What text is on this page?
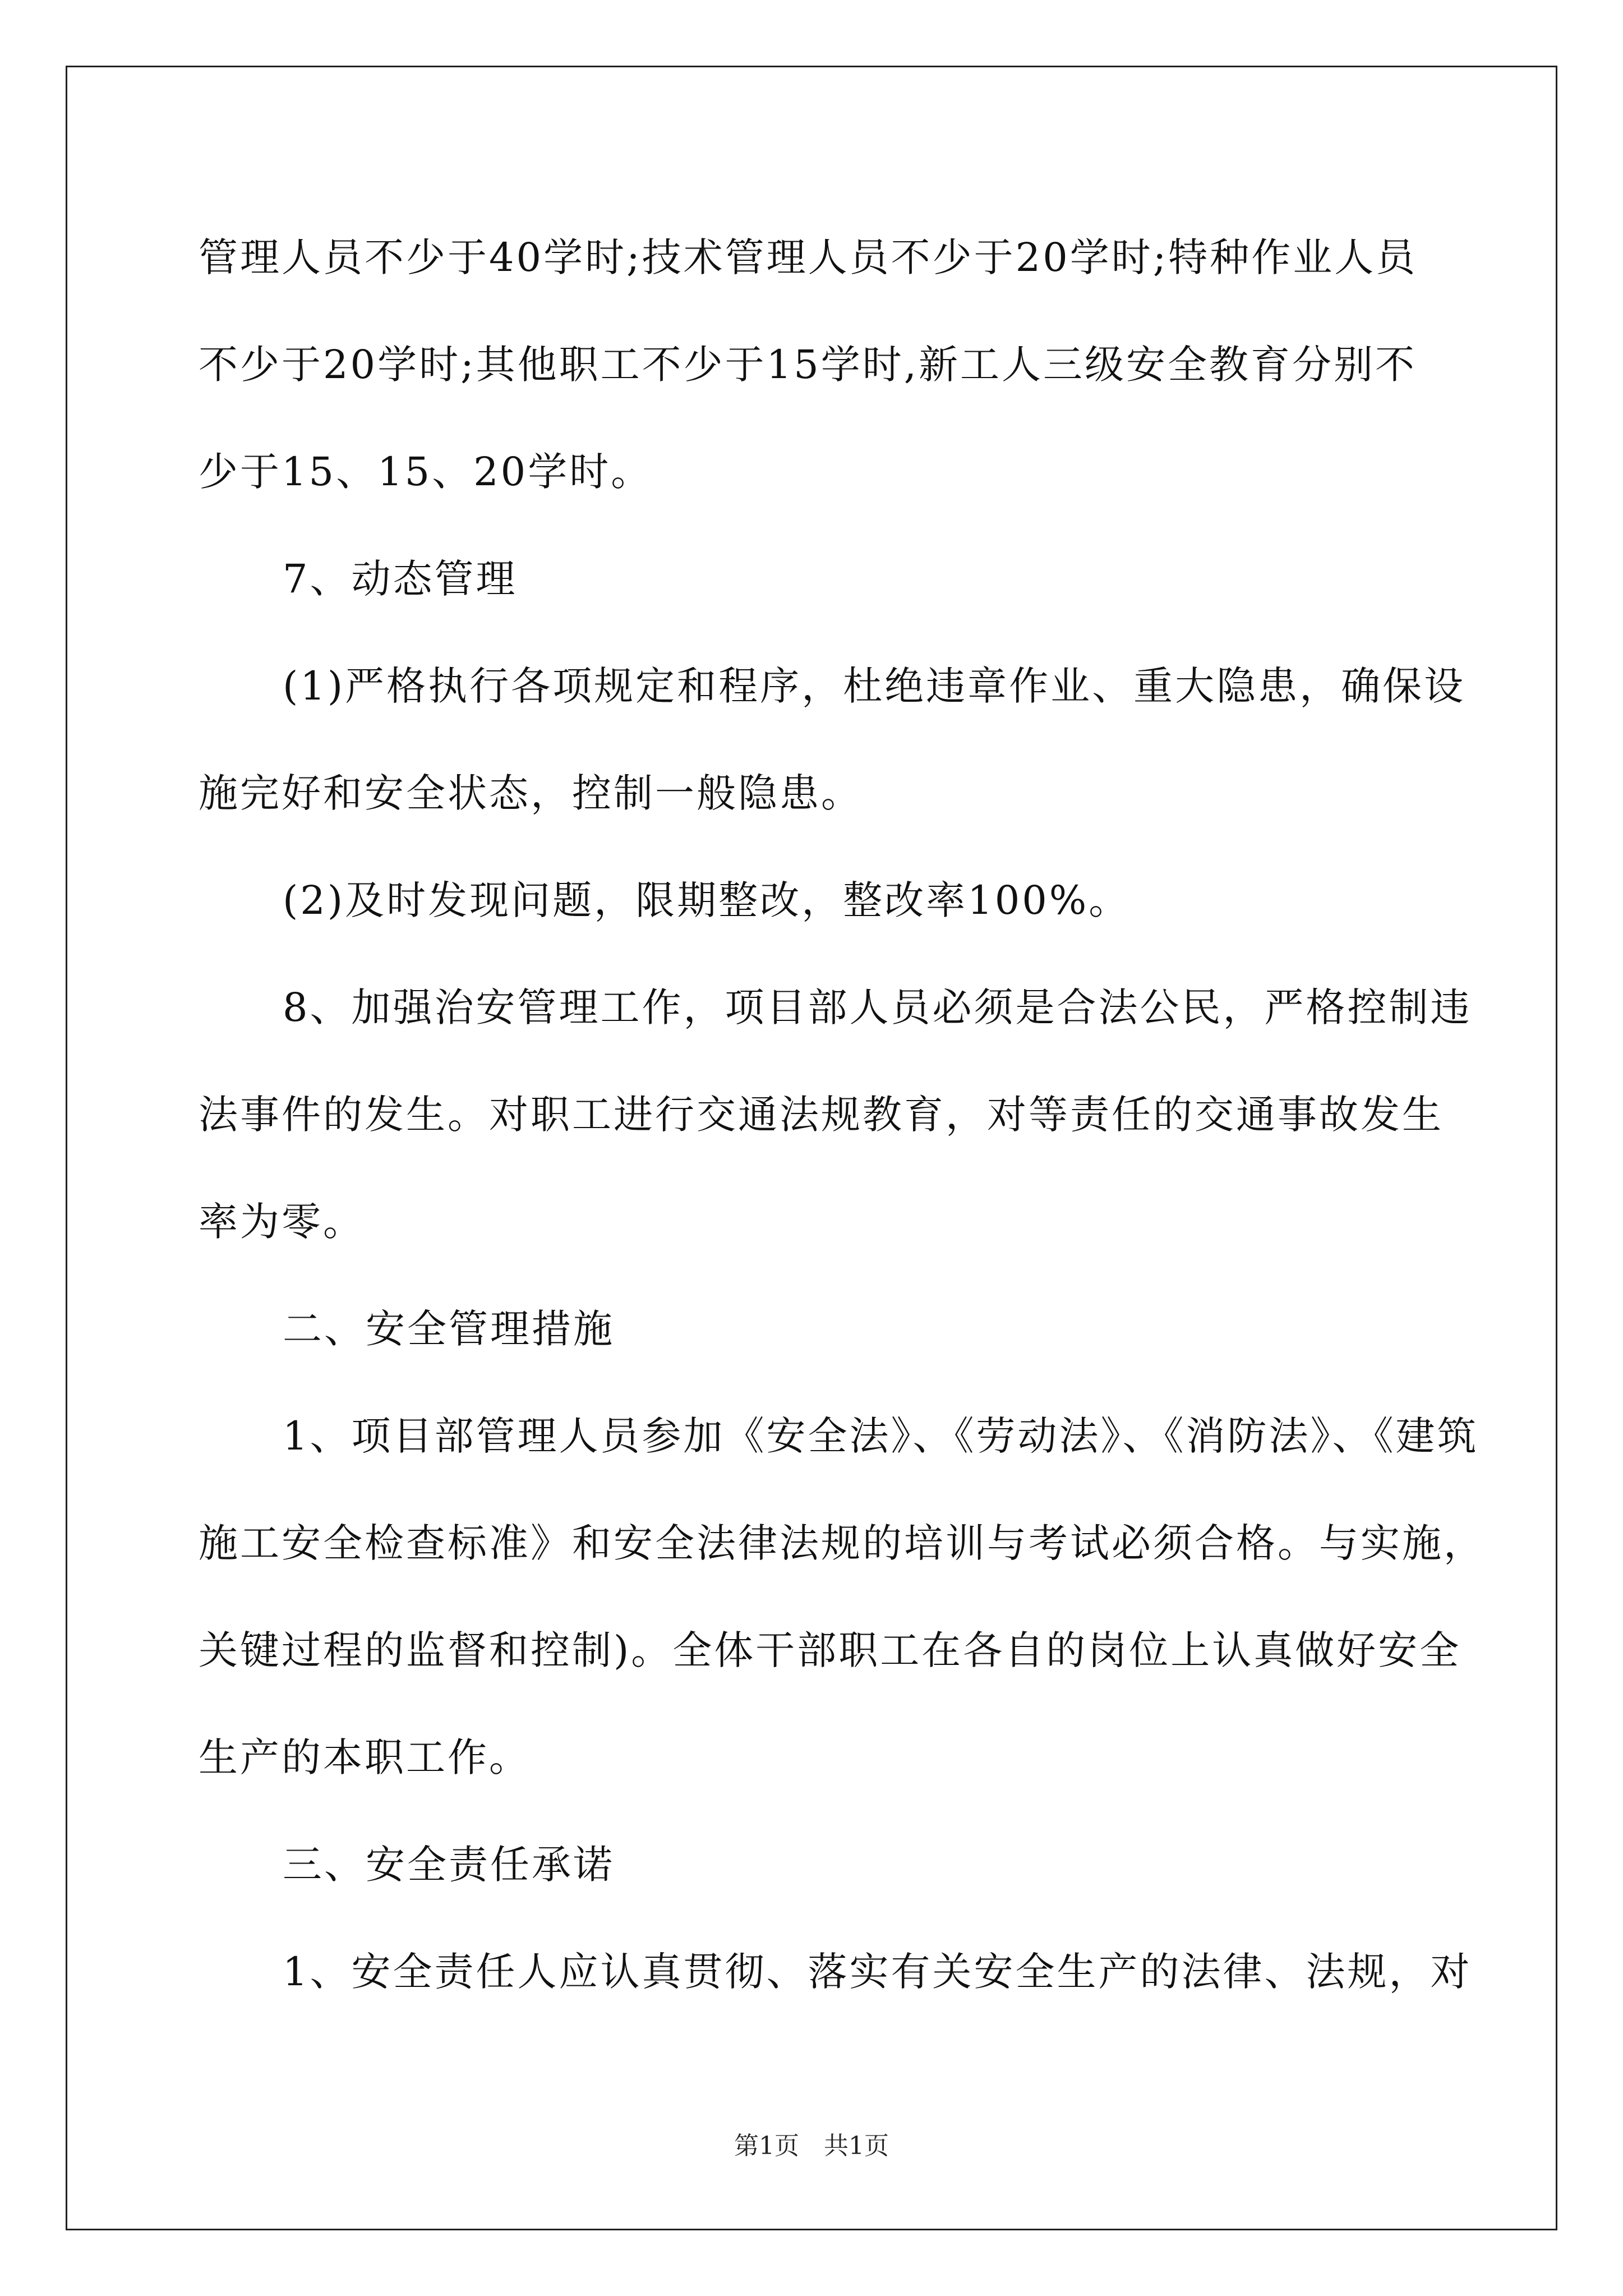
管理人员不少于40学时;技术管理人员不少于20学时;特种作业人员

不少于20学时;其他职工不少于15学时,新工人三级安全教育分别不

少于15、15、20学时。

7、动态管理

(1)严格执行各项规定和程序，杜绝违章作业、重大隐患，确保设

施完好和安全状态，控制一般隐患。

(2)及时发现问题，限期整改，整改率100%。

8、加强治安管理工作，项目部人员必须是合法公民，严格控制违

法事件的发生。对职工进行交通法规教育，对等责任的交通事故发生

率为零。

二、安全管理措施

1、项目部管理人员参加《安全法》、《劳动法》、《消防法》、《建筑

施工安全检查标准》和安全法律法规的培训与考试必须合格。与实施，

关键过程的监督和控制)。全体干部职工在各自的岗位上认真做好安全

生产的本职工作。

三、安全责任承诺

1、安全责任人应认真贯彻、落实有关安全生产的法律、法规，对

第1页　共1页
